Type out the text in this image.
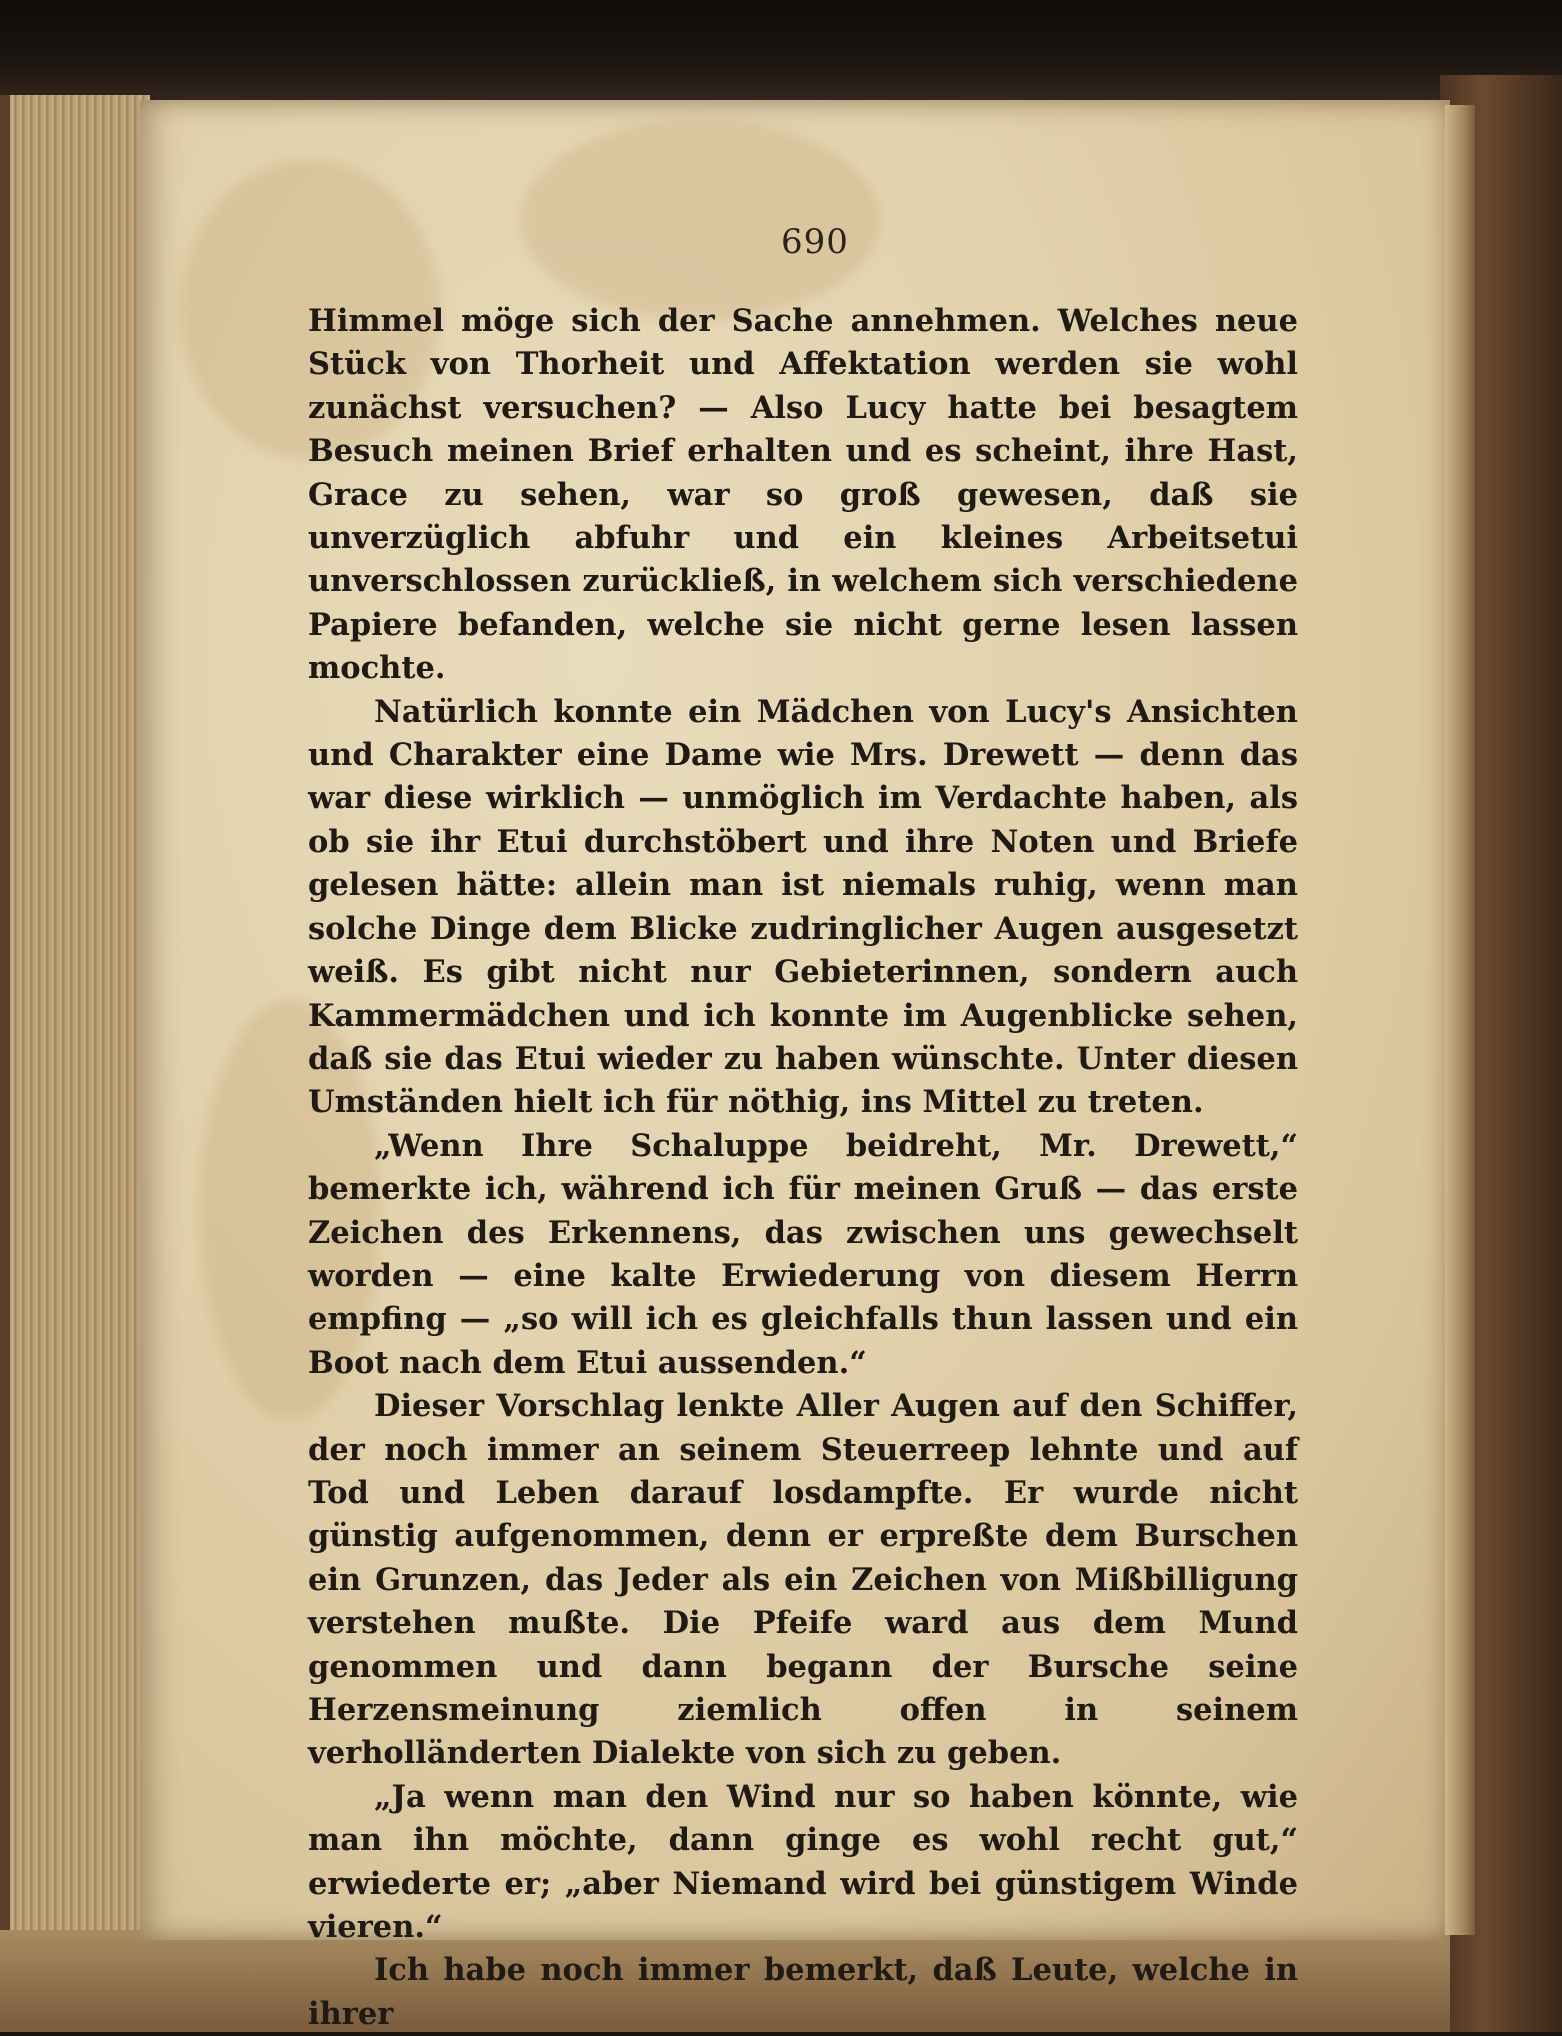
690

Himmel möge sich der Sache annehmen. Welches neue Stück von Thorheit und Affektation werden sie wohl zunächst versuchen? — Also Lucy hatte bei besagtem Besuch meinen Brief erhalten und es scheint, ihre Hast, Grace zu sehen, war so groß gewesen, daß sie unverzüglich abfuhr und ein kleines Arbeitsetui unverschlossen zurückließ, in welchem sich verschiedene Papiere befanden, welche sie nicht gerne lesen lassen mochte.

Natürlich konnte ein Mädchen von Lucy's Ansichten und Charakter eine Dame wie Mrs. Drewett — denn das war diese wirklich — unmöglich im Verdachte haben, als ob sie ihr Etui durchstöbert und ihre Noten und Briefe gelesen hätte: allein man ist niemals ruhig, wenn man solche Dinge dem Blicke zudringlicher Augen ausgesetzt weiß. Es gibt nicht nur Gebieterinnen, sondern auch Kammermädchen und ich konnte im Augenblicke sehen, daß sie das Etui wieder zu haben wünschte. Unter diesen Umständen hielt ich für nöthig, ins Mittel zu treten.

„Wenn Ihre Schaluppe beidreht, Mr. Drewett,“ bemerkte ich, während ich für meinen Gruß — das erste Zeichen des Erkennens, das zwischen uns gewechselt worden — eine kalte Erwiederung von diesem Herrn empfing — „so will ich es gleichfalls thun lassen und ein Boot nach dem Etui aussenden.“

Dieser Vorschlag lenkte Aller Augen auf den Schiffer, der noch immer an seinem Steuerreep lehnte und auf Tod und Leben darauf losdampfte. Er wurde nicht günstig aufgenommen, denn er erpreßte dem Burschen ein Grunzen, das Jeder als ein Zeichen von Mißbilligung verstehen mußte. Die Pfeife ward aus dem Mund genommen und dann begann der Bursche seine Herzensmeinung ziemlich offen in seinem verholländerten Dialekte von sich zu geben.

„Ja wenn man den Wind nur so haben könnte, wie man ihn möchte, dann ginge es wohl recht gut,“ erwiederte er; „aber Niemand wird bei günstigem Winde vieren.“

Ich habe noch immer bemerkt, daß Leute, welche in ihrer
